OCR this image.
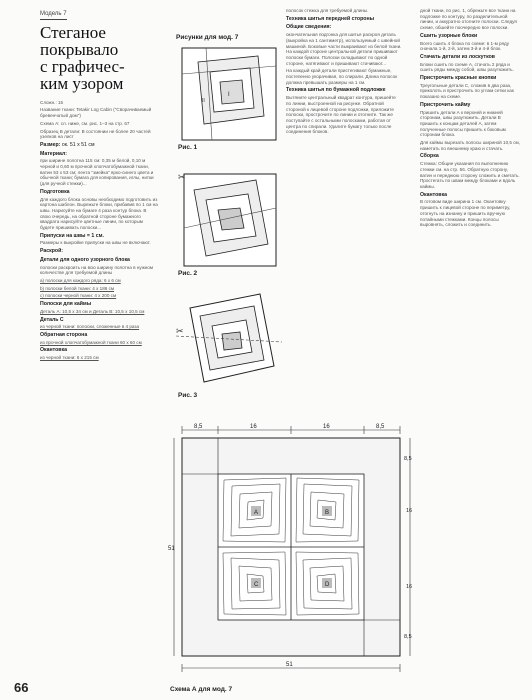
Модель 7
Стеганое
покрывало
с графичес-
ким узором
Сложн.: 15
Название ткани: Tetakir Log Cabin ("Сворачиваемый бревенчатый дом")
Схема А: сл. ниже, см. рис. 1–3 на стр. 67
Образец В детали: В состоянии не более 20 частей узелков на лист
Размер: ок. 51 х 51 см
Материал:
при ширине полотна 115 см: 0,35 м белой, 0,10 м черной и 0,60 м прочной хлопчатобумажной ткани, ватин 53 х 53 см; лента "змейка" ярко-синего цвета и обычной ткани; бумага для копирования, иглы, нитки (для ручной стежки)...
Подготовка
Для каждого блока основы необходимо подготовить из картона шаблон. Вырежьте блоки, прибавив по 1 см на швы. Нарисуйте на бумаге 4 раза контур блока. В свою очередь, на обратной стороне бумажного квадрата нарисуйте цветные линии, по которым будете пришивать полоски...
Припуски на швы = 1 см.
Размеры к выкройке припуски на швы не включают.
Раскрой:
Детали для одного узорного блока
полоски раскроить на всю ширину полотна в нужном количестве для требуемой длины
a) полоски для каждого ряда: 6 х 6 см
b) полоски белой ткани: 4 х 186 см
c) полоски черной ткани: 4 х 200 см
Полоски для каймы
Деталь А: 10,5 х 34 см и Деталь В: 10,5 х 10,5 см
Деталь С
из черной ткани: полоски, сложенные в 4 раза
Обратная сторона
из прочной хлопчатобумажной ткани 60 х 60 см
Окантовка
из черной ткани: 6 х 215 см
Рисунки для мод. 7
I
II
Рис. 1
✂
Рис. 2
✂
Рис. 3
полосок стежка для требуемой длины.
Техника шитья передней стороны
Общие сведения:
окончательная подгонка для шитья раскроя деталь (выкройка на 1 сантиметр), используемый с швейной машиной. Боковые части выкраивают из белой ткани. На каждой стороне центральной детали пришивают полоски бумаги. Полоски складывают по одной стороне, натягивают и пришивают стачивают...
На каждый край детали пристегивают бумажные, постепенно укорачивая, по спирали. Длина полосок должна превышать размеры на 1 см.
Техника шитья по бумажной подложке
Вытяните центральный квадрат контура, пришейте по линии, выстроенной на рисунке. Обратной стороной к лицевой стороне подложки, приложите полоски, прострочите по линии и отогните. Так же поступайте с остальными полосками, работая от центра по спирали. Удалите бумагу только после соединения блоков.
дной ткани, по рис. 1, обрежьте все ткани на подложке по контуру, по разделительной линии, и аккуратно отогните полоски. Следуя схеме, обшейте поочередно все полоски.
Сшить узорные блоки
Всего сшить 4 блока по схеме: в 1-м ряду сначала 1-й, 2-й, затем 3-й и 4-й блок.
Стачать детали из лоскутков
Блоки сшить по схеме А, стачать 2 ряда и сшить ряды между собой, швы разутюжить.
Пристрочить красные кнопки
Треугольные детали С, сложив в два раза, приколоть и пристрочить по углам сетки как показано на схеме.
Пристрочить кайму
Пришить детали А к верхней и нижней сторонам, швы разутюжить. Детали В пришить к концам деталей А, затем полученные полосы пришить к боковым сторонам блока.
Для каймы вырезать полосы шириной 10,5 см, наметать по внешнему краю и стачать.
Сборка
Стежка: Общие указания по выполнению стежки см. на стр. 56. Обратную сторону, ватин и переднюю сторону сложить и сметать. Простегать по швам между блоками и вдоль каймы.
Окантовка
В готовом виде ширина 1 см. Окантовку пришить к лицевой стороне по периметру, отогнуть на изнанку и пришить вручную потайными стежками. Концы полосы выровнять, сложить и соединить.
8,5	16	16	8,5
51
8,5
16
16
8,5
A	B
C	D
51
Схема А для мод. 7
66
